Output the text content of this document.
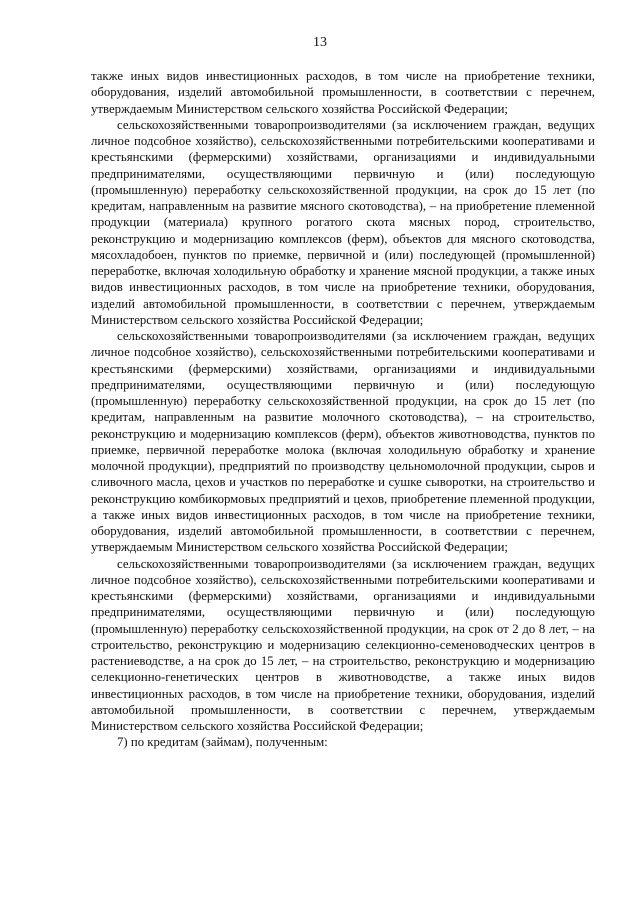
13

также иных видов инвестиционных расходов, в том числе на приобретение техники, оборудования, изделий автомобильной промышленности, в соответствии с перечнем, утверждаемым Министерством сельского хозяйства Российской Федерации;

сельскохозяйственными товаропроизводителями (за исключением граждан, ведущих личное подсобное хозяйство), сельскохозяйственными потребительскими кооперативами и крестьянскими (фермерскими) хозяйствами, организациями и индивидуальными предпринимателями, осуществляющими первичную и (или) последующую (промышленную) переработку сельскохозяйственной продукции, на срок до 15 лет (по кредитам, направленным на развитие мясного скотоводства), – на приобретение племенной продукции (материала) крупного рогатого скота мясных пород, строительство, реконструкцию и модернизацию комплексов (ферм), объектов для мясного скотоводства, мясохладобоен, пунктов по приемке, первичной и (или) последующей (промышленной) переработке, включая холодильную обработку и хранение мясной продукции, а также иных видов инвестиционных расходов, в том числе на приобретение техники, оборудования, изделий автомобильной промышленности, в соответствии с перечнем, утверждаемым Министерством сельского хозяйства Российской Федерации;

сельскохозяйственными товаропроизводителями (за исключением граждан, ведущих личное подсобное хозяйство), сельскохозяйственными потребительскими кооперативами и крестьянскими (фермерскими) хозяйствами, организациями и индивидуальными предпринимателями, осуществляющими первичную и (или) последующую (промышленную) переработку сельскохозяйственной продукции, на срок до 15 лет (по кредитам, направленным на развитие молочного скотоводства), – на строительство, реконструкцию и модернизацию комплексов (ферм), объектов животноводства, пунктов по приемке, первичной переработке молока (включая холодильную обработку и хранение молочной продукции), предприятий по производству цельномолочной продукции, сыров и сливочного масла, цехов и участков по переработке и сушке сыворотки, на строительство и реконструкцию комбикормовых предприятий и цехов, приобретение племенной продукции, а также иных видов инвестиционных расходов, в том числе на приобретение техники, оборудования, изделий автомобильной промышленности, в соответствии с перечнем, утверждаемым Министерством сельского хозяйства Российской Федерации;

сельскохозяйственными товаропроизводителями (за исключением граждан, ведущих личное подсобное хозяйство), сельскохозяйственными потребительскими кооперативами и крестьянскими (фермерскими) хозяйствами, организациями и индивидуальными предпринимателями, осуществляющими первичную и (или) последующую (промышленную) переработку сельскохозяйственной продукции, на срок от 2 до 8 лет, – на строительство, реконструкцию и модернизацию селекционно-семеноводческих центров в растениеводстве, а на срок до 15 лет, – на строительство, реконструкцию и модернизацию селекционно-генетических центров в животноводстве, а также иных видов инвестиционных расходов, в том числе на приобретение техники, оборудования, изделий автомобильной промышленности, в соответствии с перечнем, утверждаемым Министерством сельского хозяйства Российской Федерации;

7) по кредитам (займам), полученным:
